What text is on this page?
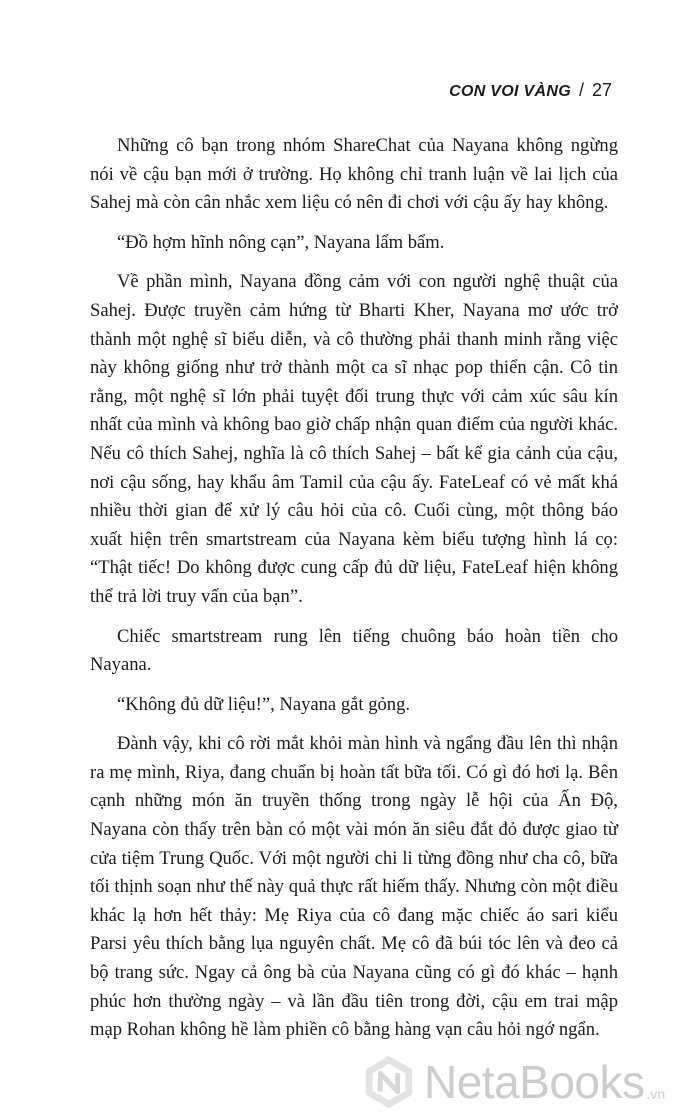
CON VOI VÀNG / 27

Những cô bạn trong nhóm ShareChat của Nayana không ngừng nói về cậu bạn mới ở trường. Họ không chỉ tranh luận về lai lịch của Sahej mà còn cân nhắc xem liệu có nên đi chơi với cậu ấy hay không.

“Đồ hợm hĩnh nông cạn”, Nayana lẩm bẩm.

Về phần mình, Nayana đồng cảm với con người nghệ thuật của Sahej. Được truyền cảm hứng từ Bharti Kher, Nayana mơ ước trở thành một nghệ sĩ biểu diễn, và cô thường phải thanh minh rằng việc này không giống như trở thành một ca sĩ nhạc pop thiển cận. Cô tin rằng, một nghệ sĩ lớn phải tuyệt đối trung thực với cảm xúc sâu kín nhất của mình và không bao giờ chấp nhận quan điểm của người khác. Nếu cô thích Sahej, nghĩa là cô thích Sahej – bất kể gia cảnh của cậu, nơi cậu sống, hay khẩu âm Tamil của cậu ấy. FateLeaf có vẻ mất khá nhiều thời gian để xử lý câu hỏi của cô. Cuối cùng, một thông báo xuất hiện trên smartstream của Nayana kèm biểu tượng hình lá cọ: “Thật tiếc! Do không được cung cấp đủ dữ liệu, FateLeaf hiện không thể trả lời truy vấn của bạn”.

Chiếc smartstream rung lên tiếng chuông báo hoàn tiền cho Nayana.

“Không đủ dữ liệu!”, Nayana gắt gỏng.

Đành vậy, khi cô rời mắt khỏi màn hình và ngẩng đầu lên thì nhận ra mẹ mình, Riya, đang chuẩn bị hoàn tất bữa tối. Có gì đó hơi lạ. Bên cạnh những món ăn truyền thống trong ngày lễ hội của Ấn Độ, Nayana còn thấy trên bàn có một vài món ăn siêu đắt đỏ được giao từ cửa tiệm Trung Quốc. Với một người chi li từng đồng như cha cô, bữa tối thịnh soạn như thế này quả thực rất hiếm thấy. Nhưng còn một điều khác lạ hơn hết thảy: Mẹ Riya của cô đang mặc chiếc áo sari kiểu Parsi yêu thích bằng lụa nguyên chất. Mẹ cô đã búi tóc lên và đeo cả bộ trang sức. Ngay cả ông bà của Nayana cũng có gì đó khác – hạnh phúc hơn thường ngày – và lần đầu tiên trong đời, cậu em trai mập mạp Rohan không hề làm phiền cô bằng hàng vạn câu hỏi ngớ ngẩn.

NetaBooks .vn
